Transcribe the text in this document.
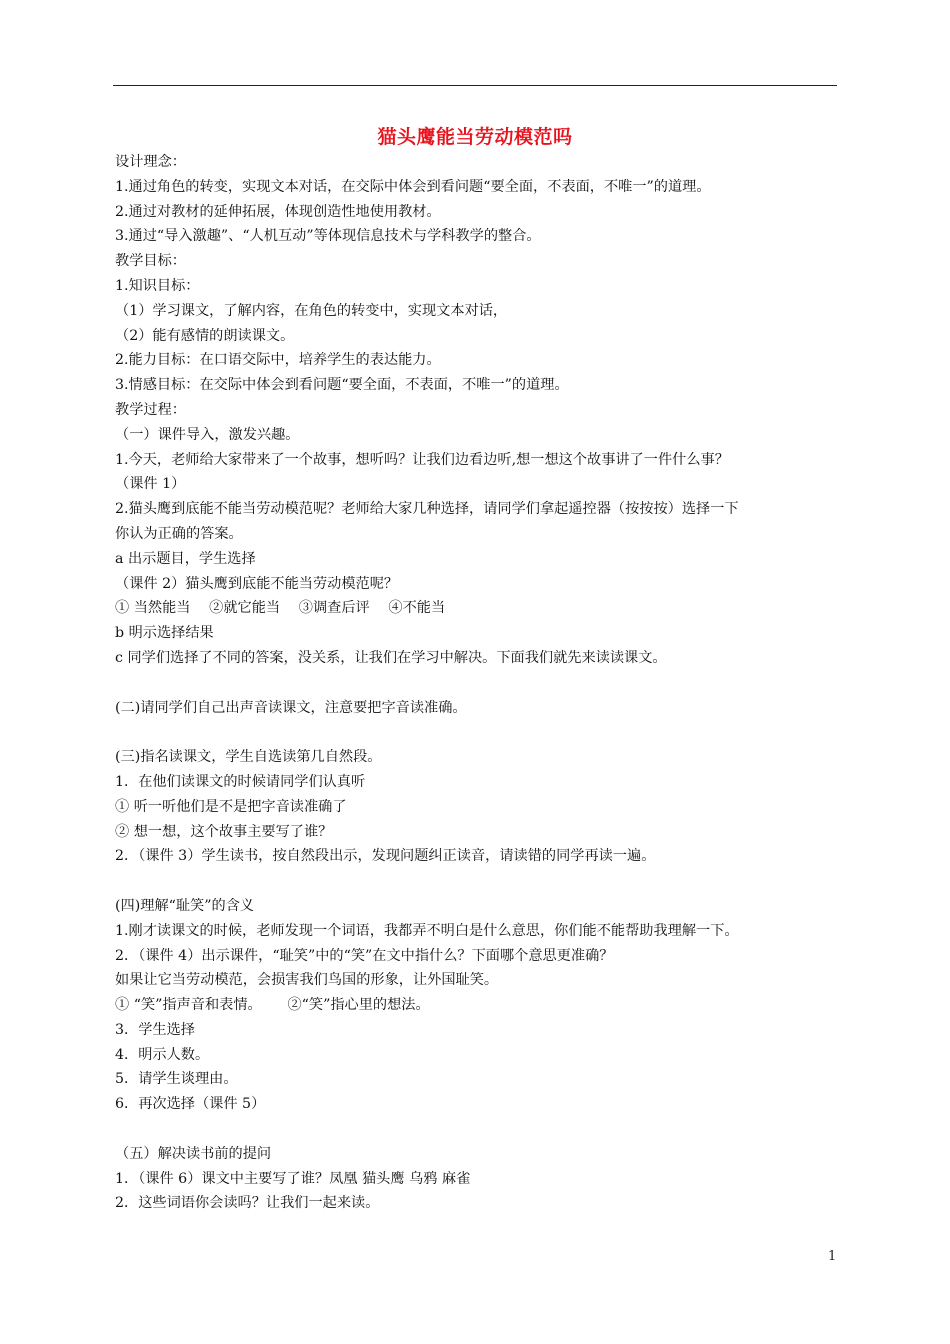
猫头鹰能当劳动模范吗
设计理念：
1.通过角色的转变，实现文本对话，在交际中体会到看问题“要全面，不表面，不唯一”的道理。
2.通过对教材的延伸拓展，体现创造性地使用教材。
3.通过“导入激趣”、“人机互动”等体现信息技术与学科教学的整合。
教学目标：
1.知识目标：
（1）学习课文，了解内容，在角色的转变中，实现文本对话，
（2）能有感情的朗读课文。
2.能力目标：在口语交际中，培养学生的表达能力。
3.情感目标：在交际中体会到看问题“要全面，不表面，不唯一”的道理。
教学过程：
（一）课件导入，激发兴趣。
1.今天，老师给大家带来了一个故事，想听吗？让我们边看边听,想一想这个故事讲了一件什么事？
（课件 1）
2.猫头鹰到底能不能当劳动模范呢？老师给大家几种选择，请同学们拿起遥控器（按按按）选择一下
你认为正确的答案。
a 出示题目，学生选择
（课件 2）猫头鹰到底能不能当劳动模范呢？
① 当然能当　 ②就它能当　 ③调查后评　 ④不能当
b 明示选择结果
c 同学们选择了不同的答案，没关系，让我们在学习中解决。下面我们就先来读读课文。
(二)请同学们自己出声音读课文，注意要把字音读准确。
(三)指名读课文，学生自选读第几自然段。
1．在他们读课文的时候请同学们认真听
① 听一听他们是不是把字音读准确了
② 想一想，这个故事主要写了谁？
2．（课件 3）学生读书，按自然段出示，发现问题纠正读音，请读错的同学再读一遍。
(四)理解“耻笑”的含义
1.刚才读课文的时候，老师发现一个词语，我都弄不明白是什么意思，你们能不能帮助我理解一下。
2．（课件 4）出示课件，“耻笑”中的“笑”在文中指什么？下面哪个意思更准确？
如果让它当劳动模范，会损害我们鸟国的形象，让外国耻笑。
① “笑”指声音和表情。　　 ②“笑”指心里的想法。
3．学生选择
4．明示人数。
5．请学生谈理由。
6．再次选择（课件 5）
（五）解决读书前的提问
1．（课件 6）课文中主要写了谁？凤凰 猫头鹰 乌鸦 麻雀
2．这些词语你会读吗？让我们一起来读。
1
